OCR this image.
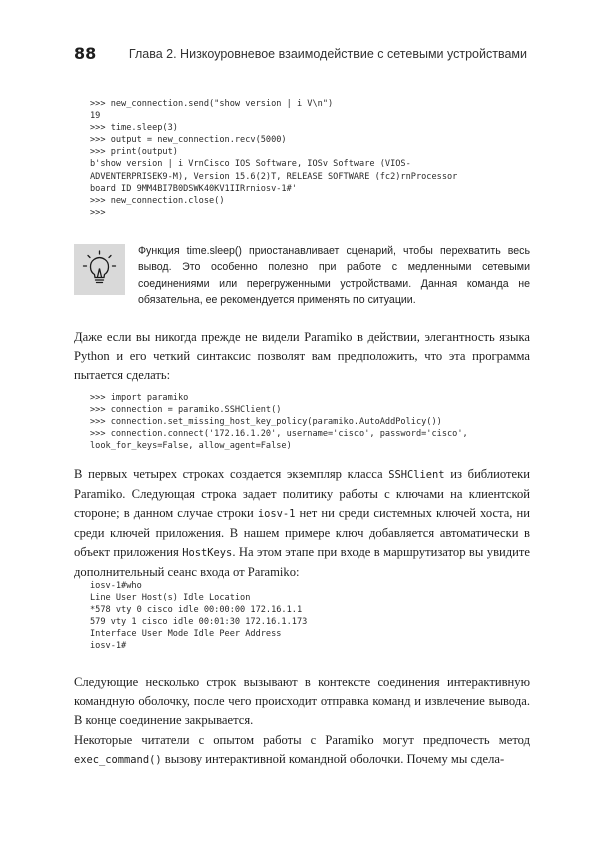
88	Глава 2. Низкоуровневое взаимодействие с сетевыми устройствами
>>> new_connection.send("show version | i V\n")
19
>>> time.sleep(3)
>>> output = new_connection.recv(5000)
>>> print(output)
b'show version | i VrnCisco IOS Software, IOSv Software (VIOS-
ADVENTERPRISEK9-M), Version 15.6(2)T, RELEASE SOFTWARE (fc2)rnProcessor
board ID 9MM4BI7B0DSWK40KV1IIRrniosv-1#'
>>> new_connection.close()
>>>
Функция time.sleep() приостанавливает сценарий, чтобы перехватить весь вывод. Это особенно полезно при работе с медленными сетевыми соединениями или перегруженными устройствами. Данная команда не обязательна, ее рекомендуется применять по ситуации.
Даже если вы никогда прежде не видели Paramiko в действии, элегантность языка Python и его четкий синтаксис позволят вам предположить, что эта программа пытается сделать:
>>> import paramiko
>>> connection = paramiko.SSHClient()
>>> connection.set_missing_host_key_policy(paramiko.AutoAddPolicy())
>>> connection.connect('172.16.1.20', username='cisco', password='cisco',
look_for_keys=False, allow_agent=False)
В первых четырех строках создается экземпляр класса SSHClient из библиотеки Paramiko. Следующая строка задает политику работы с ключами на клиентской стороне; в данном случае строки iosv-1 нет ни среди системных ключей хоста, ни среди ключей приложения. В нашем примере ключ добавляется автоматически в объект приложения HostKeys. На этом этапе при входе в маршрутизатор вы увидите дополнительный сеанс входа от Paramiko:
iosv-1#who
Line User Host(s) Idle Location
*578 vty 0 cisco idle 00:00:00 172.16.1.1
579 vty 1 cisco idle 00:01:30 172.16.1.173
Interface User Mode Idle Peer Address
iosv-1#
Следующие несколько строк вызывают в контексте соединения интерактивную командную оболочку, после чего происходит отправка команд и извлечение вывода. В конце соединение закрывается.
Некоторые читатели с опытом работы с Paramiko могут предпочесть метод exec_command() вызову интерактивной командной оболочки. Почему мы сдела-
